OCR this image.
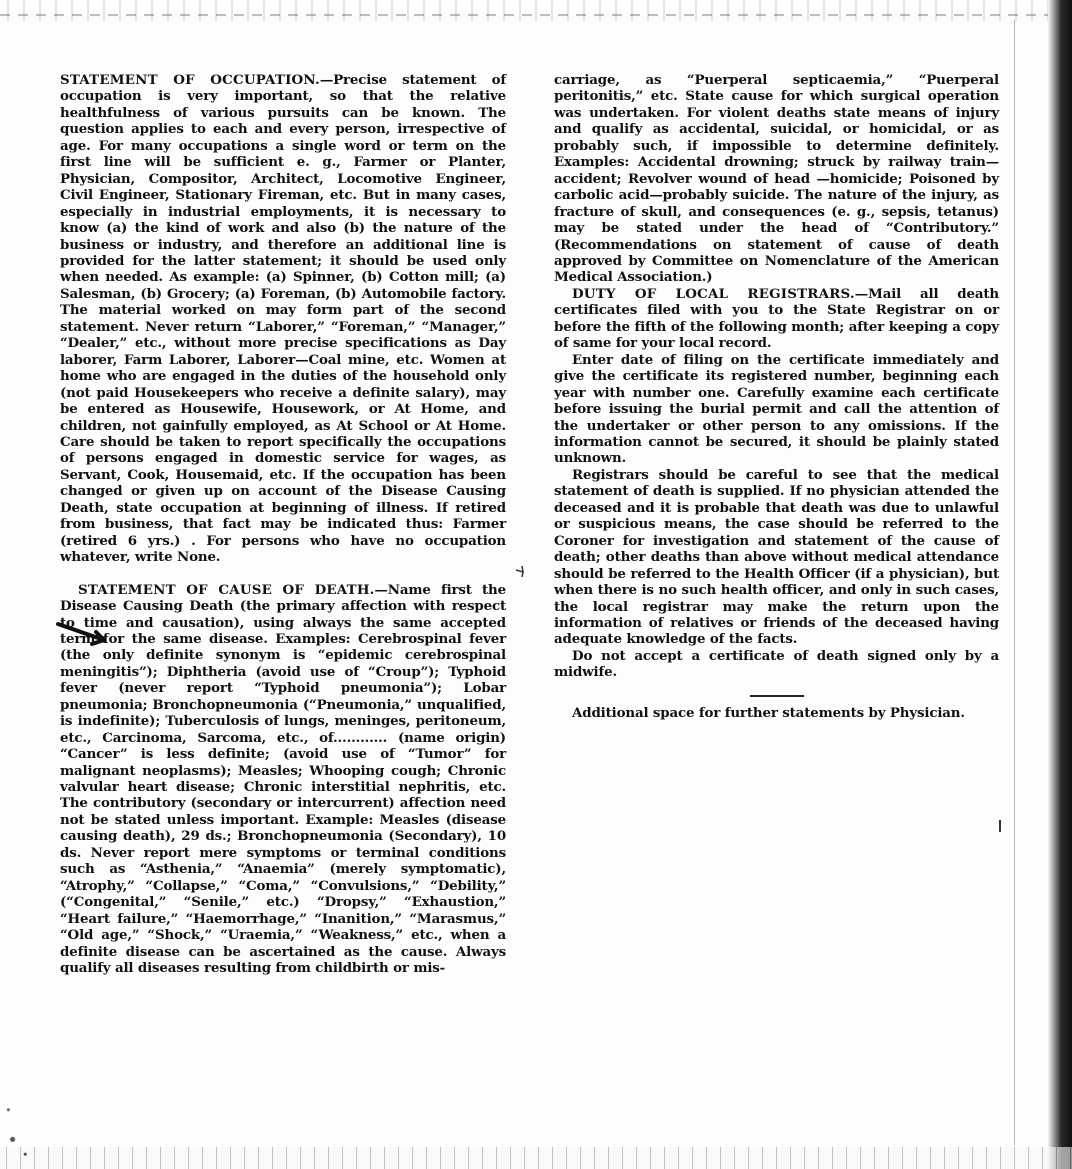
STATEMENT OF OCCUPATION.—Precise statement of occupation is very important, so that the relative healthfulness of various pursuits can be known. The question applies to each and every person, irrespective of age. For many occupations a single word or term on the first line will be sufficient e. g., Farmer or Planter, Physician, Compositor, Architect, Locomotive Engineer, Civil Engineer, Stationary Fireman, etc. But in many cases, especially in industrial employments, it is necessary to know (a) the kind of work and also (b) the nature of the business or industry, and therefore an additional line is provided for the latter statement; it should be used only when needed. As example: (a) Spinner, (b) Cotton mill; (a) Salesman, (b) Grocery; (a) Foreman, (b) Automobile factory. The material worked on may form part of the second statement. Never return “Laborer,” “Foreman,” “Manager,” “Dealer,” etc., without more precise specifications as Day laborer, Farm Laborer, Laborer—Coal mine, etc. Women at home who are engaged in the duties of the household only (not paid Housekeepers who receive a definite salary), may be entered as Housewife, Housework, or At Home, and children, not gainfully employed, as At School or At Home. Care should be taken to report specifically the occupations of persons engaged in domestic service for wages, as Servant, Cook, Housemaid, etc. If the occupation has been changed or given up on account of the Disease Causing Death, state occupation at beginning of illness. If retired from business, that fact may be indicated thus: Farmer (retired 6 yrs.) . For persons who have no occupation whatever, write None.

STATEMENT OF CAUSE OF DEATH.—Name first the Disease Causing Death (the primary affection with respect to time and causation), using always the same accepted term for the same disease. Examples: Cerebrospinal fever (the only definite synonym is “epidemic cerebrospinal meningitis”); Diphtheria (avoid use of “Croup”); Typhoid fever (never report “Typhoid pneumonia”); Lobar pneumonia; Bronchopneumonia (“Pneumonia,” unqualified, is indefinite); Tuberculosis of lungs, meninges, peritoneum, etc., Carcinoma, Sarcoma, etc., of............ (name origin) “Cancer” is less definite; (avoid use of “Tumor” for malignant neoplasms); Measles; Whooping cough; Chronic valvular heart disease; Chronic interstitial nephritis, etc. The contributory (secondary or intercurrent) affection need not be stated unless important. Example: Measles (disease causing death), 29 ds.; Bronchopneumonia (Secondary), 10 ds. Never report mere symptoms or terminal conditions such as “Asthenia,” “Anaemia” (merely symptomatic), “Atrophy,” “Collapse,” “Coma,” “Convulsions,” “Debility,” (“Congenital,” “Senile,” etc.) “Dropsy,” “Exhaustion,” “Heart failure,” “Haemorrhage,” “Inanition,” “Marasmus,” “Old age,” “Shock,” “Uraemia,” “Weakness,” etc., when a definite disease can be ascertained as the cause. Always qualify all diseases resulting from childbirth or mis-

carriage, as “Puerperal septicaemia,” “Puerperal peritonitis,” etc. State cause for which surgical operation was undertaken. For violent deaths state means of injury and qualify as accidental, suicidal, or homicidal, or as probably such, if impossible to determine definitely. Examples: Accidental drowning; struck by railway train—accident; Revolver wound of head —homicide; Poisoned by carbolic acid—probably suicide. The nature of the injury, as fracture of skull, and consequences (e. g., sepsis, tetanus) may be stated under the head of “Contributory.” (Recommendations on statement of cause of death approved by Committee on Nomenclature of the American Medical Association.)

DUTY OF LOCAL REGISTRARS.—Mail all death certificates filed with you to the State Registrar on or before the fifth of the following month; after keeping a copy of same for your local record.

Enter date of filing on the certificate immediately and give the certificate its registered number, beginning each year with number one. Carefully examine each certificate before issuing the burial permit and call the attention of the undertaker or other person to any omissions. If the information cannot be secured, it should be plainly stated unknown.

Registrars should be careful to see that the medical statement of death is supplied. If no physician attended the deceased and it is probable that death was due to unlawful or suspicious means, the case should be referred to the Coroner for investigation and statement of the cause of death; other deaths than above without medical attendance should be referred to the Health Officer (if a physician), but when there is no such health officer, and only in such cases, the local registrar may make the return upon the information of relatives or friends of the deceased having adequate knowledge of the facts.

Do not accept a certificate of death signed only by a midwife.

Additional space for further statements by Physician.
